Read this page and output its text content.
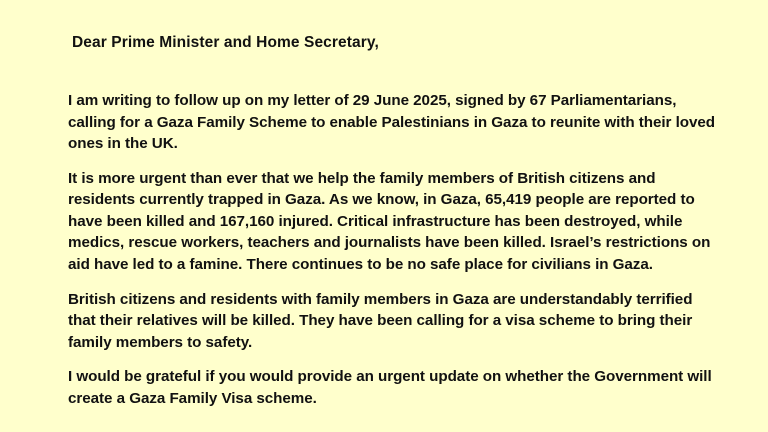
Dear Prime Minister and Home Secretary,

I am writing to follow up on my letter of 29 June 2025, signed by 67 Parliamentarians, calling for a Gaza Family Scheme to enable Palestinians in Gaza to reunite with their loved ones in the UK.

It is more urgent than ever that we help the family members of British citizens and residents currently trapped in Gaza. As we know, in Gaza, 65,419 people are reported to have been killed and 167,160 injured. Critical infrastructure has been destroyed, while medics, rescue workers, teachers and journalists have been killed. Israel’s restrictions on aid have led to a famine. There continues to be no safe place for civilians in Gaza.

British citizens and residents with family members in Gaza are understandably terrified that their relatives will be killed. They have been calling for a visa scheme to bring their family members to safety.

I would be grateful if you would provide an urgent update on whether the Government will create a Gaza Family Visa scheme.
